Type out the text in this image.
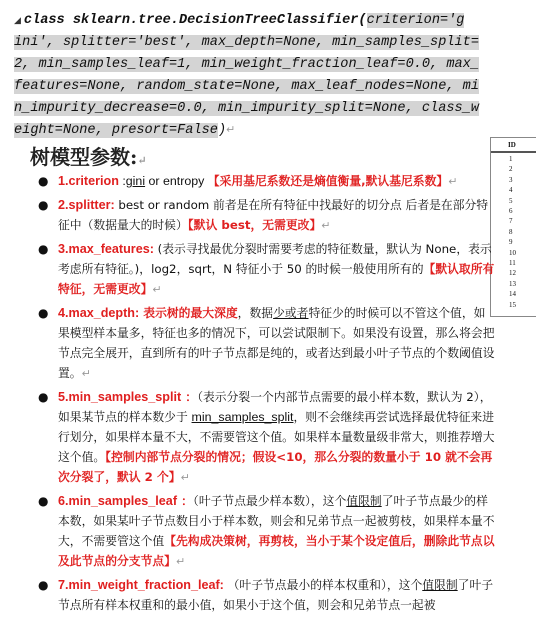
◢ class sklearn.tree.DecisionTreeClassifier(criterion='g
ini', splitter='best', max_depth=None, min_samples_split=
2, min_samples_leaf=1, min_weight_fraction_leaf=0.0, max_
features=None, random_state=None, max_leaf_nodes=None, mi
n_impurity_decrease=0.0, min_impurity_split=None, class_w
eight=None, presort=False)↵
树模型参数:↵
ID
1
2
3
4
5
6
7
8
9
10
11
12
13
14
15
● 1.criterion :gini or entropy 【采用基尼系数还是熵值衡量,默认基尼系数】↵
● 2.splitter: best or random 前者是在所有特征中找最好的切分点 后者是在部分特征中（数据量大的时候）【默认 best，无需更改】↵
● 3.max_features: (表示寻找最优分裂时需要考虑的特征数量，默认为 None，表示考虑所有特征。)，log2，sqrt，N 特征小于 50 的时候一般使用所有的【默认取所有特征，无需更改】↵
● 4.max_depth: 表示树的最大深度，数据少或者特征少的时候可以不管这个值，如果模型样本量多，特征也多的情况下，可以尝试限制下。如果没有设置，那么将会把节点完全展开，直到所有的叶子节点都是纯的，或者达到最小叶子节点的个数阈值设置。↵
● 5.min_samples_split ：（表示分裂一个内部节点需要的最小样本数，默认为 2），如果某节点的样本数少于 min_samples_split，则不会继续再尝试选择最优特征来进行划分，如果样本量不大，不需要管这个值。如果样本量数量级非常大，则推荐增大这个值。【控制内部节点分裂的情况；假设<10，那么分裂的数量小于 10 就不会再次分裂了，默认 2 个】↵
● 6.min_samples_leaf ：（叶子节点最少样本数），这个值限制了叶子节点最少的样本数，如果某叶子节点数目小于样本数，则会和兄弟节点一起被剪枝，如果样本量不大，不需要管这个值【先构成决策树，再剪枝，当小于某个设定值后，删除此节点以及此节点的分支节点】↵
● 7.min_weight_fraction_leaf: （叶子节点最小的样本权重和），这个值限制了叶子节点所有样本权重和的最小值，如果小于这个值，则会和兄弟节点一起被
